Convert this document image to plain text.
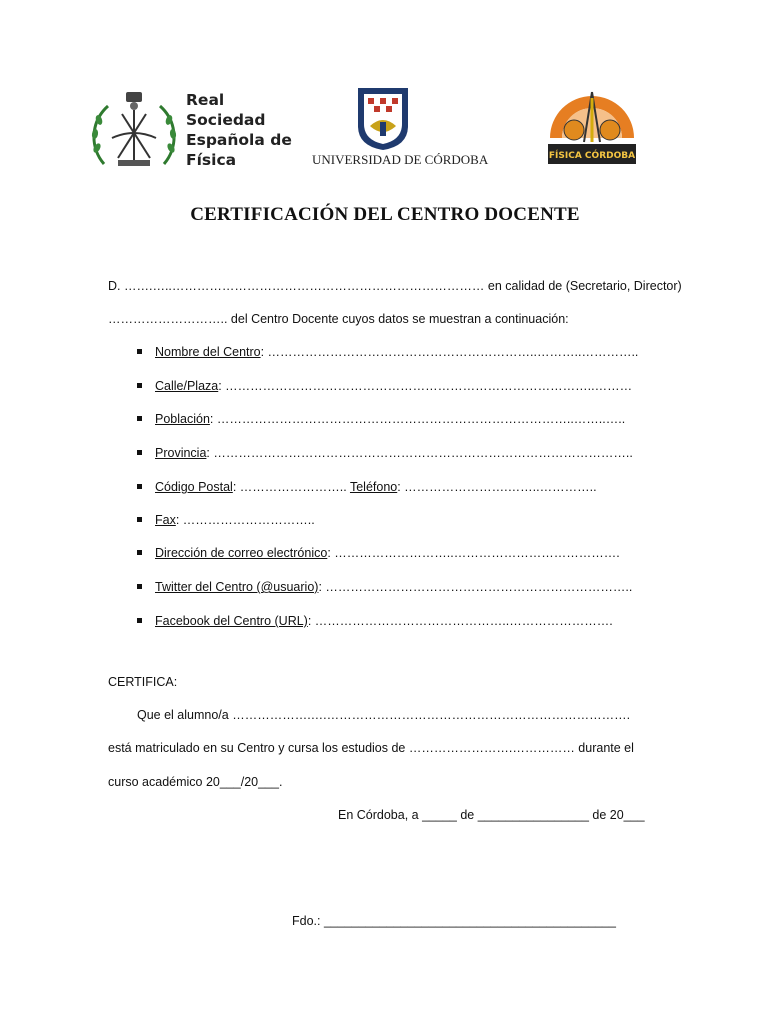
Real
Sociedad
Española de
Física	UNIVERSIDAD DE CÓRDOBA	FÍSICA CÓRDOBA
CERTIFICACIÓN DEL CENTRO DOCENTE
D. …….…..………………………………………………………………… en calidad de (Secretario, Director)
……………………….. del Centro Docente cuyos datos se muestran a continuación:
Nombre del Centro: ………………………………………………………..………..…………..
Calle/Plaza: ……………………………………………………………………………..………
Población: …………………………………………………………………………..……..…..
Provincia: ………………………………………………………………………………………..
Código Postal: …………………….. Teléfono: …………………….……..…………..
Fax: …………………………..
Dirección de correo electrónico: ………………………..………………………………….
Twitter del Centro (@usuario): ………………………………………………………………..
Facebook del Centro (URL): ………………………………………..…………………….
CERTIFICA:
Que el alumno/a ……………….….……………………………………………………………….
está matriculado en su Centro y cursa los estudios de …………………….…………… durante el
curso académico 20___/20___.
En Córdoba, a _____ de ________________ de 20___
Fdo.: __________________________________________
